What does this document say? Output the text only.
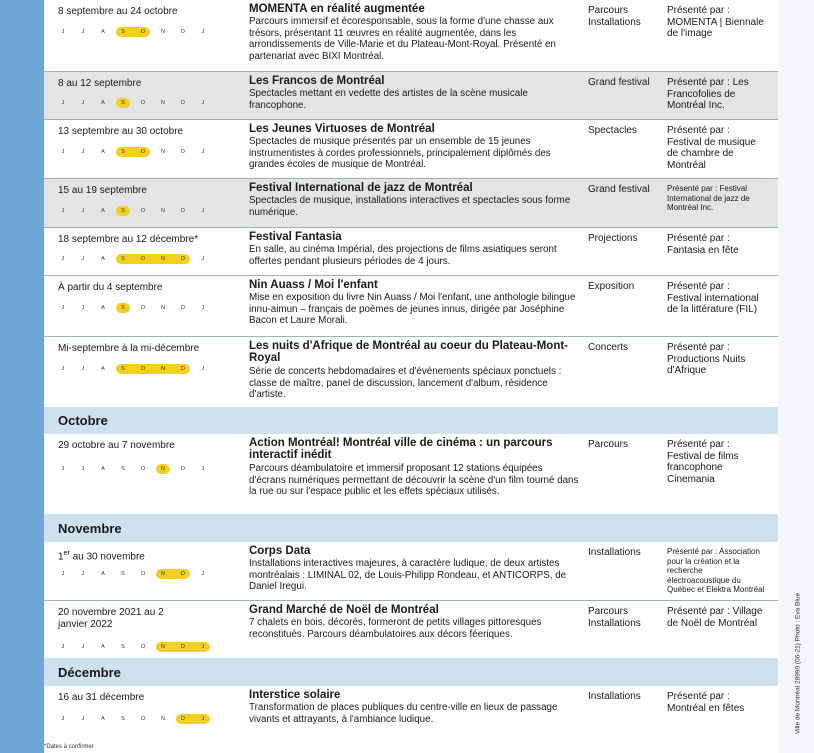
8 septembre au 24 octobre
J	J	A	S	O	N	D	J
MOMENTA en réalité augmentée
Parcours immersif et écoresponsable, sous la forme d'une chasse aux trésors, présentant 11 œuvres en réalité augmentée, dans les arrondissements de Ville-Marie et du Plateau-Mont-Royal. Présenté en partenariat avec BIXI Montréal.
Parcours Installations
Présenté par : MOMENTA | Biennale de l'image
8 au 12 septembre
J	J	A	S	O	N	D	J
Les Francos de Montréal
Spectacles mettant en vedette des artistes de la scène musicale francophone.
Grand festival	Présenté par : Les Francofolies de Montréal Inc.
13 septembre au 30 octobre
J	J	A	S	O	N	D	J
Les Jeunes Virtuoses de Montréal
Spectacles de musique présentés par un ensemble de 15 jeunes instrumentistes à cordes professionnels, principalement diplômés des grandes écoles de musique de Montréal.
Spectacles	Présenté par : Festival de musique de chambre de Montréal
15 au 19 septembre
J	J	A	S	O	N	D	J
Festival International de jazz de Montréal
Spectacles de musique, installations interactives et spectacles sous forme numérique.
Grand festival	Présenté par : Festival International de jazz de Montréal Inc.
18 septembre au 12 décembre*
J	J	A	S	O	N	D	J
Festival Fantasia
En salle, au cinéma Impérial, des projections de films asiatiques seront offertes pendant plusieurs périodes de 4 jours.
Projections	Présenté par : Fantasia en fête
À partir du 4 septembre
J	J	A	S	O	N	D	J
Nin Auass / Moi l'enfant
Mise en exposition du livre Nin Auass / Moi l'enfant, une anthologie bilingue innu-aimun – français de poèmes de jeunes innus, dirigée par Joséphine Bacon et Laure Morali.
Exposition	Présenté par : Festival international de la littérature (FIL)
Mi-septembre à la mi-décembre
J	J	A	S	O	N	D	J
Les nuits d'Afrique de Montréal au coeur du Plateau-Mont-Royal
Série de concerts hebdomadaires et d'événements spéciaux ponctuels : classe de maître, panel de discussion, lancement d'album, résidence d'artiste.
Concerts	Présenté par : Productions Nuits d'Afrique
Octobre
29 octobre au 7 novembre
J	J	A	S	O	N	D	J
Action Montréal! Montréal ville de cinéma : un parcours interactif inédit
Parcours déambulatoire et immersif proposant 12 stations équipées d'écrans numériques permettant de découvrir la scène d'un film tourné dans la rue ou sur l'espace public et les effets spéciaux utilisés.
Parcours	Présenté par : Festival de films francophone Cinemania
Novembre
1er au 30 novembre
J	J	A	S	O	N	D	J
Corps Data
Installations interactives majeures, à caractère ludique, de deux artistes montréalais : LIMINAL 02, de Louis-Philipp Rondeau, et ANTICORPS, de Daniel Iregui.
Installations	Présenté par : Association pour la création et la recherche électroacoustique du Québec et Elektra Montréal
20 novembre 2021 au 2 janvier 2022
J	J	A	S	O	N	D	J
Grand Marché de Noël de Montréal
7 chalets en bois, décorés, formeront de petits villages pittoresques reconstitués. Parcours déambulatoires aux décors féeriques.
Parcours Installations
Présenté par : Village de Noël de Montréal
Décembre
16 au 31 décembre
J	J	A	S	O	N	D	J
Interstice solaire
Transformation de places publiques du centre-ville en lieux de passage vivants et attrayants, à l'ambiance ludique.
Installations	Présenté par : Montréal en fêtes
*Dates à confirmer
Ville de Montréal 28990 (06-21) Photo : Eva Blue
